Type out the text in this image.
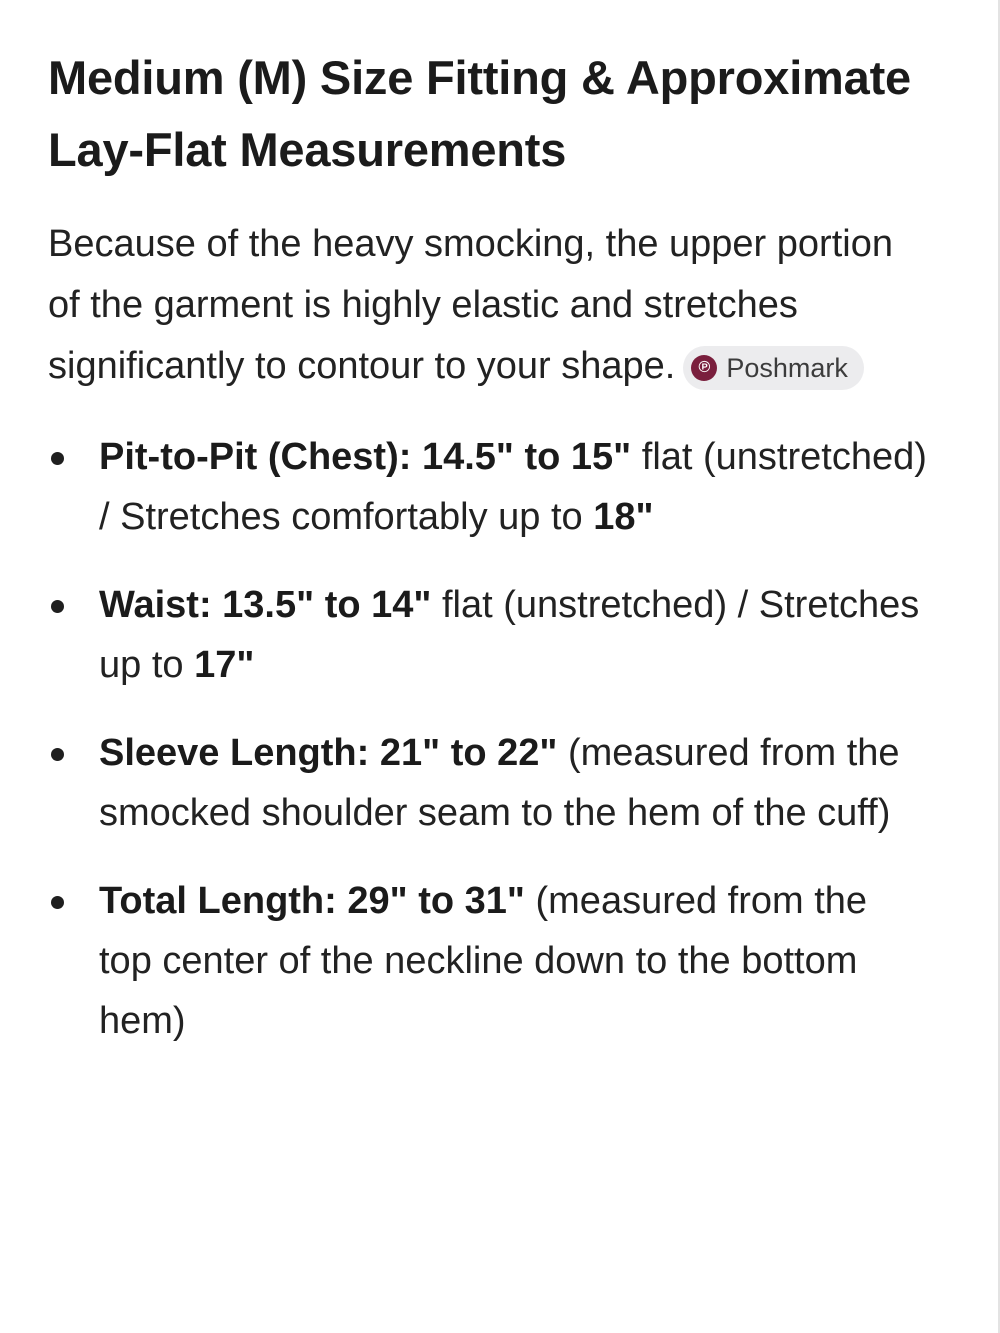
Medium (M) Size Fitting & Approximate Lay-Flat Measurements

Because of the heavy smocking, the upper portion of the garment is highly elastic and stretches significantly to contour to your shape.	℗ Poshmark

Pit-to-Pit (Chest): 14.5" to 15" flat (unstretched) / Stretches comfortably up to 18"
Waist: 13.5" to 14" flat (unstretched) / Stretches up to 17"
Sleeve Length: 21" to 22" (measured from the smocked shoulder seam to the hem of the cuff)
Total Length: 29" to 31" (measured from the top center of the neckline down to the bottom hem)
